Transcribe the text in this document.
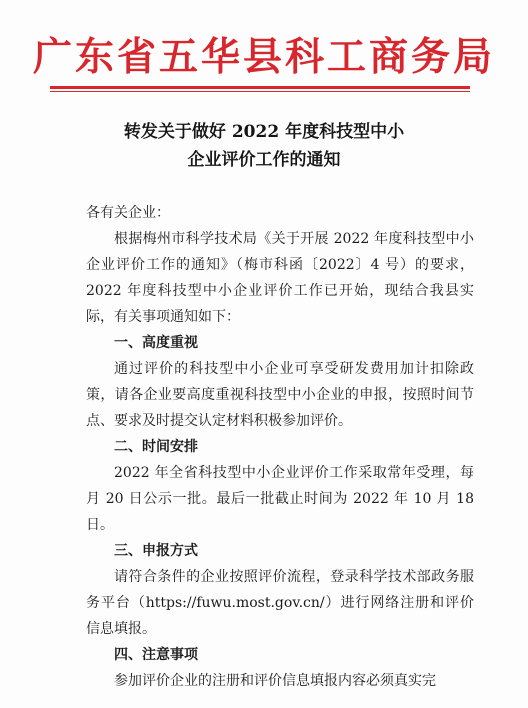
广东省五华县科工商务局
转发关于做好 2022 年度科技型中小
企业评价工作的通知

各有关企业：

根据梅州市科学技术局《关于开展 2022 年度科技型中小企业评价工作的通知》（梅市科函〔2022〕4 号）的要求，2022 年度科技型中小企业评价工作已开始，现结合我县实际，有关事项通知如下：

一、高度重视

通过评价的科技型中小企业可享受研发费用加计扣除政策，请各企业要高度重视科技型中小企业的申报，按照时间节点、要求及时提交认定材料积极参加评价。

二、时间安排

2022 年全省科技型中小企业评价工作采取常年受理，每月 20 日公示一批。最后一批截止时间为 2022 年 10 月 18 日。

三、申报方式

请符合条件的企业按照评价流程，登录科学技术部政务服务平台（https://fuwu.most.gov.cn/）进行网络注册和评价信息填报。

四、注意事项

参加评价企业的注册和评价信息填报内容必须真实完
